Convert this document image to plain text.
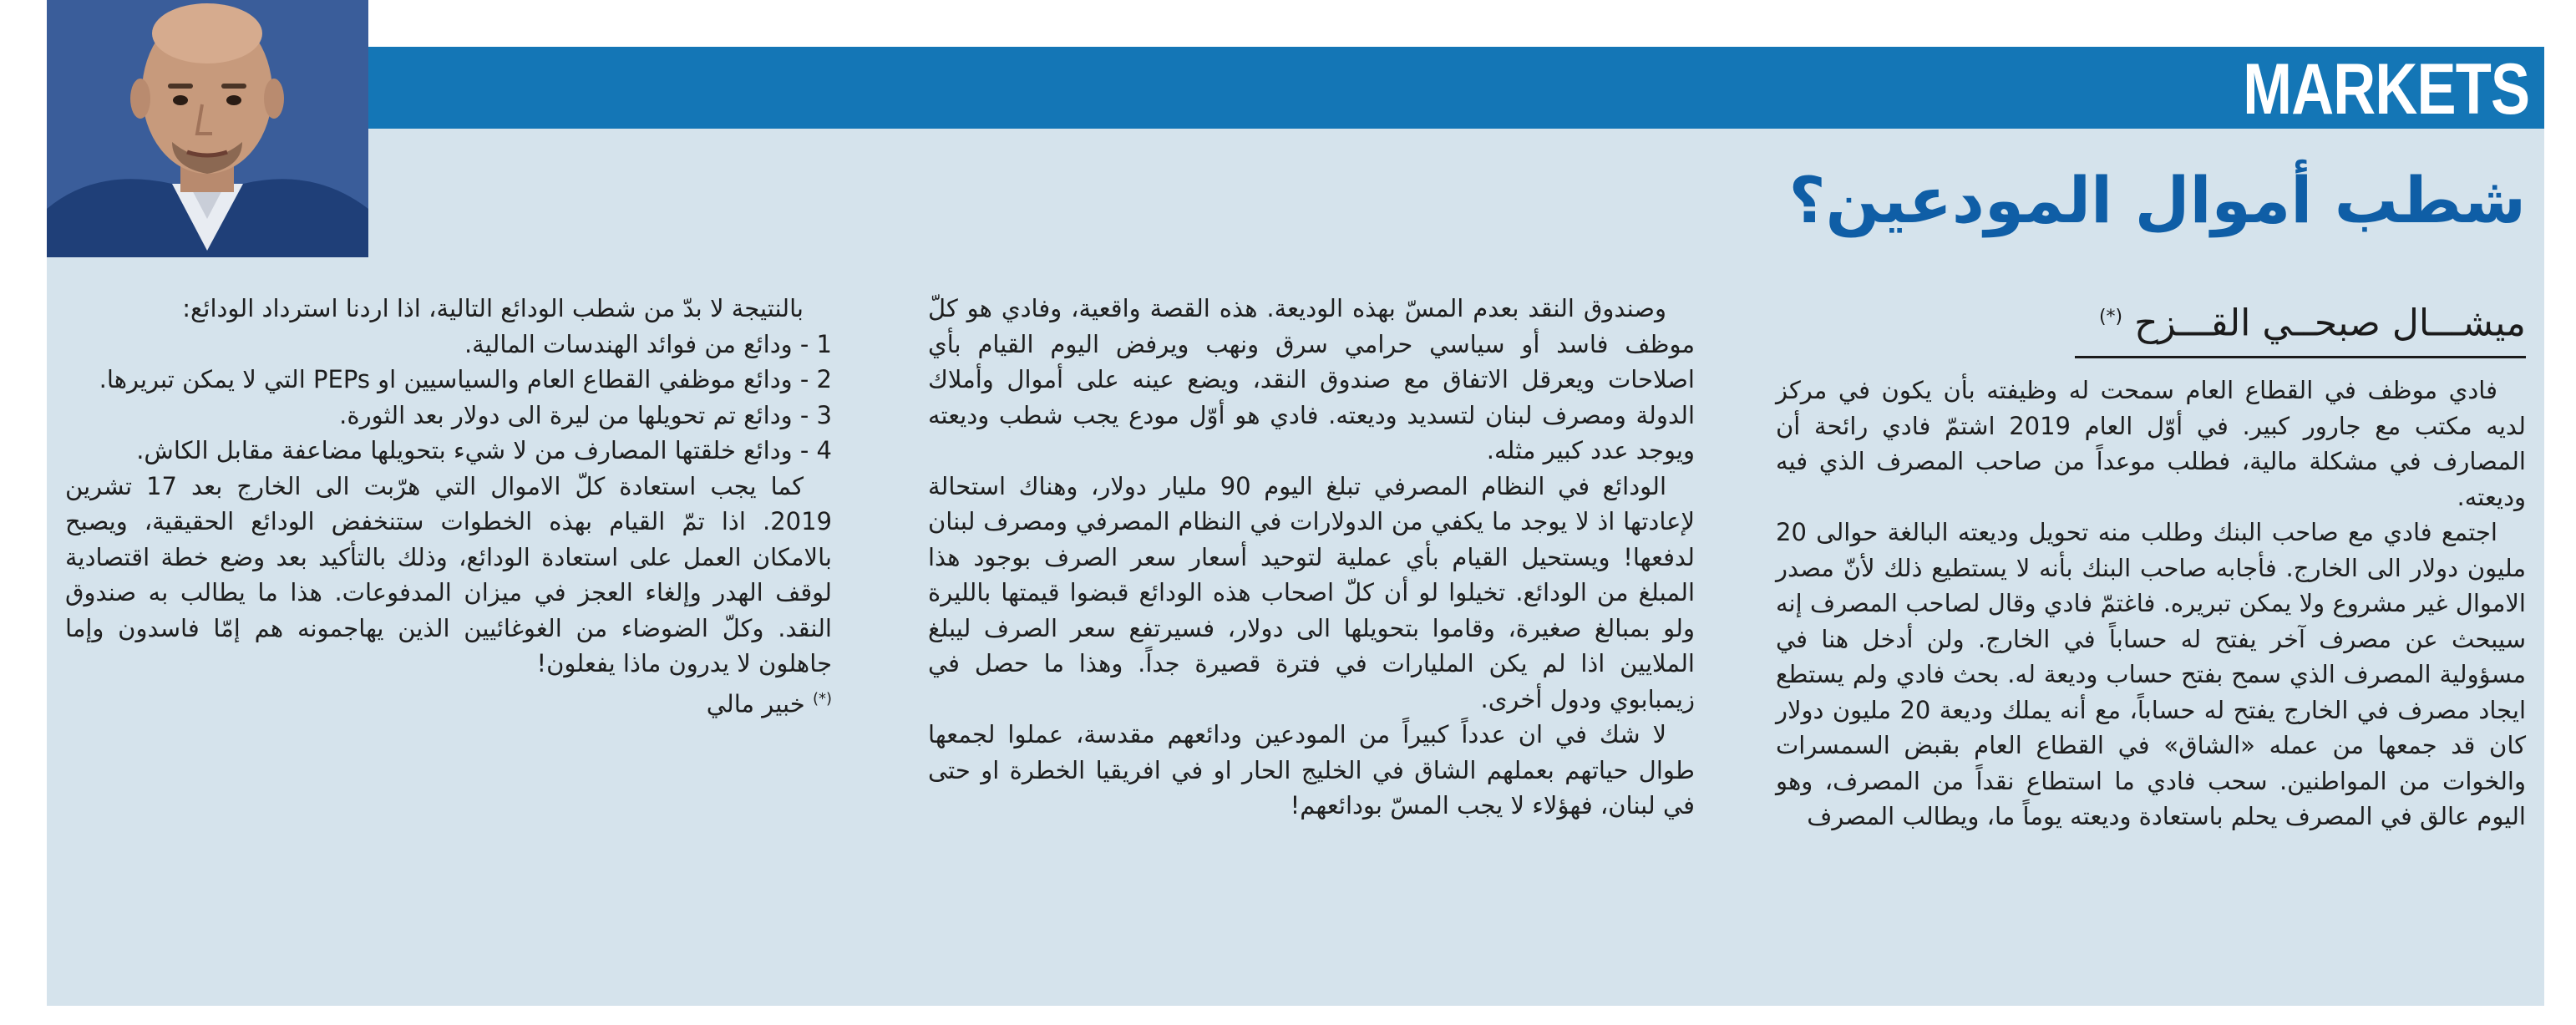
MARKETS
شطب أموال المودعين؟
ميشـــال صبحــي القـــزح (*)

فادي موظف في القطاع العام سمحت له وظيفته بأن يكون في مركز لديه مكتب مع جارور كبير. في أوّل العام 2019 اشتمّ فادي رائحة أن المصارف في مشكلة مالية، فطلب موعداً من صاحب المصرف الذي فيه وديعته.

اجتمع فادي مع صاحب البنك وطلب منه تحويل وديعته البالغة حوالى 20 مليون دولار الى الخارج. فأجابه صاحب البنك بأنه لا يستطيع ذلك لأنّ مصدر الاموال غير مشروع ولا يمكن تبريره. فاغتمّ فادي وقال لصاحب المصرف إنه سيبحث عن مصرف آخر يفتح له حساباً في الخارج. ولن أدخل هنا في مسؤولية المصرف الذي سمح بفتح حساب وديعة له. بحث فادي ولم يستطع ايجاد مصرف في الخارج يفتح له حساباً، مع أنه يملك وديعة 20 مليون دولار كان قد جمعها من عمله «الشاق» في القطاع العام بقبض السمسرات والخوات من المواطنين. سحب فادي ما استطاع نقداً من المصرف، وهو اليوم عالق في المصرف يحلم باستعادة وديعته يوماً ما، ويطالب المصرف

وصندوق النقد بعدم المسّ بهذه الوديعة. هذه القصة واقعية، وفادي هو كلّ موظف فاسد أو سياسي حرامي سرق ونهب ويرفض اليوم القيام بأي اصلاحات ويعرقل الاتفاق مع صندوق النقد، ويضع عينه على أموال وأملاك الدولة ومصرف لبنان لتسديد وديعته. فادي هو أوّل مودع يجب شطب وديعته ويوجد عدد كبير مثله.

الودائع في النظام المصرفي تبلغ اليوم 90 مليار دولار، وهناك استحالة لإعادتها اذ لا يوجد ما يكفي من الدولارات في النظام المصرفي ومصرف لبنان لدفعها! ويستحيل القيام بأي عملية لتوحيد أسعار سعر الصرف بوجود هذا المبلغ من الودائع. تخيلوا لو أن كلّ اصحاب هذه الودائع قبضوا قيمتها بالليرة ولو بمبالغ صغيرة، وقاموا بتحويلها الى دولار، فسيرتفع سعر الصرف ليبلغ الملايين اذا لم يكن المليارات في فترة قصيرة جداً. وهذا ما حصل في زيمبابوي ودول أخرى.

لا شك في ان عدداً كبيراً من المودعين ودائعهم مقدسة، عملوا لجمعها طوال حياتهم بعملهم الشاق في الخليج الحار او في افريقيا الخطرة او حتى في لبنان، فهؤلاء لا يجب المسّ بودائعهم!

بالنتيجة لا بدّ من شطب الودائع التالية، اذا اردنا استرداد الودائع:

1 - ودائع من فوائد الهندسات المالية.

2 - ودائع موظفي القطاع العام والسياسيين او PEPs التي لا يمكن تبريرها.

3 - ودائع تم تحويلها من ليرة الى دولار بعد الثورة.

4 - ودائع خلقتها المصارف من لا شيء بتحويلها مضاعفة مقابل الكاش.

كما يجب استعادة كلّ الاموال التي هرّبت الى الخارج بعد 17 تشرين 2019. اذا تمّ القيام بهذه الخطوات ستنخفض الودائع الحقيقية، ويصبح بالامكان العمل على استعادة الودائع، وذلك بالتأكيد بعد وضع خطة اقتصادية لوقف الهدر وإلغاء العجز في ميزان المدفوعات. هذا ما يطالب به صندوق النقد. وكلّ الضوضاء من الغوغائيين الذين يهاجمونه هم إمّا فاسدون وإما جاهلون لا يدرون ماذا يفعلون!

(*) خبير مالي
